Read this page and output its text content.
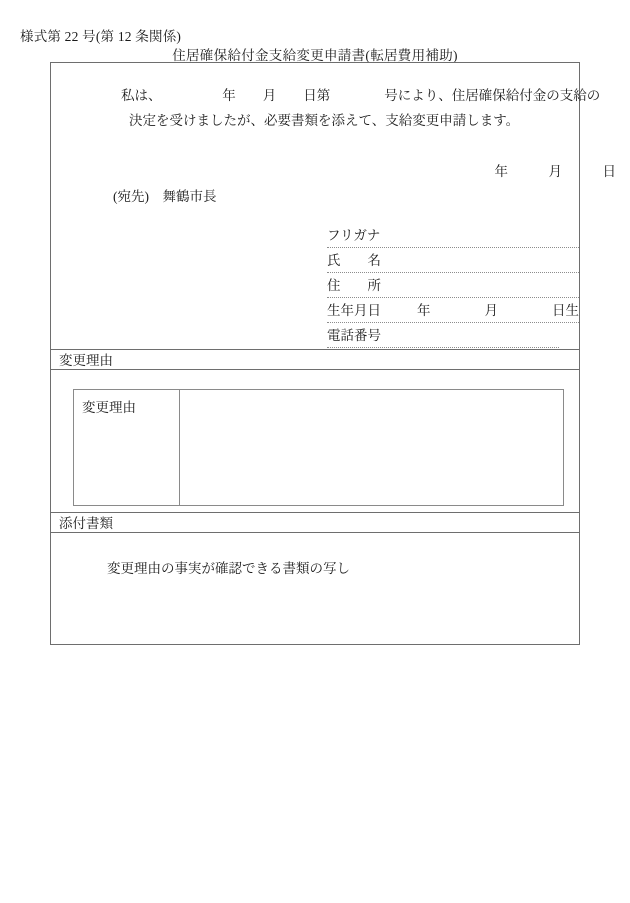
様式第 22 号(第 12 条関係)
住居確保給付金支給変更申請書(転居費用補助)
私は、　　　　　年　　月　　日第　　　　号により、住居確保給付金の支給の
決定を受けましたが、必要書類を添えて、支給変更申請します。
年　　　月　　　日
(宛先)　舞鶴市長
フリガナ
氏　　名
住　　所
生年月日	年　　　　月　　　　日生
電話番号
変更理由
変更理由
添付書類
変更理由の事実が確認できる書類の写し
